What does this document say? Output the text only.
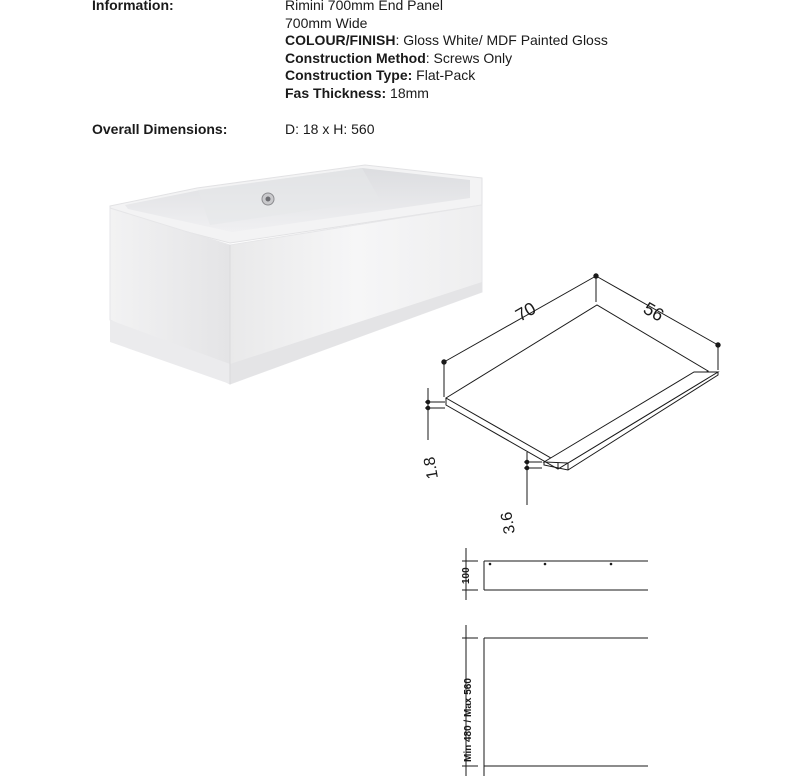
Information:	Rimini 700mm End Panel
700mm Wide
COLOUR/FINISH: Gloss White/ MDF Painted Gloss
Construction Method: Screws Only
Construction Type: Flat-Pack
Fas Thickness: 18mm
Overall Dimensions:	D: 18 x H: 560
70	56
1.8
3.6
100
Min 480 / Max 560
